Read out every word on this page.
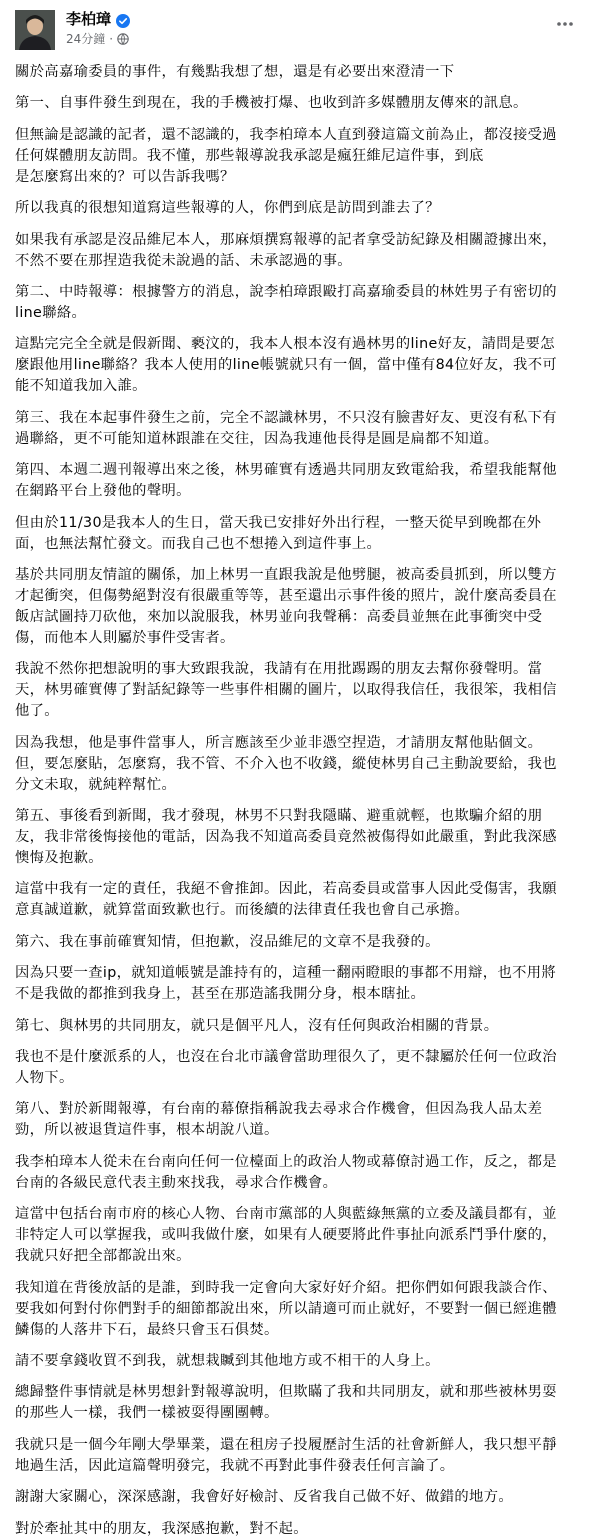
李柏璋
24分鐘 ·

關於高嘉瑜委員的事件，有幾點我想了想，還是有必要出來澄清一下

第一、自事件發生到現在，我的手機被打爆、也收到許多媒體朋友傳來的訊息。

但無論是認識的記者，還不認識的，我李柏璋本人直到發這篇文前為止，都沒接受過
任何媒體朋友訪問。我不懂，那些報導說我承認是瘋狂維尼這件事，到底
是怎麼寫出來的？可以告訴我嗎？

所以我真的很想知道寫這些報導的人，你們到底是訪問到誰去了？

如果我有承認是沒品維尼本人，那麻煩撰寫報導的記者拿受訪紀錄及相關證據出來，
不然不要在那捏造我從未說過的話、未承認過的事。

第二、中時報導：根據警方的消息，說李柏璋跟毆打高嘉瑜委員的林姓男子有密切的
line聯絡。

這點完完全全就是假新聞、褻汶的，我本人根本沒有過林男的line好友，請問是要怎
麼跟他用line聯絡？我本人使用的line帳號就只有一個，當中僅有84位好友，我不可
能不知道我加入誰。

第三、我在本起事件發生之前，完全不認識林男，不只沒有臉書好友、更沒有私下有
過聯絡，更不可能知道林跟誰在交往，因為我連他長得是圓是扁都不知道。

第四、本週二週刊報導出來之後，林男確實有透過共同朋友致電給我，希望我能幫他
在網路平台上發他的聲明。

但由於11/30是我本人的生日，當天我已安排好外出行程，一整天從早到晚都在外
面，也無法幫忙發文。而我自己也不想捲入到這件事上。

基於共同朋友情誼的關係，加上林男一直跟我說是他劈腿，被高委員抓到，所以雙方
才起衝突，但傷勢絕對沒有很嚴重等等，甚至還出示事件後的照片，說什麼高委員在
飯店試圖持刀砍他，來加以說服我，林男並向我聲稱：高委員並無在此事衝突中受
傷，而他本人則屬於事件受害者。

我說不然你把想說明的事大致跟我說，我請有在用批踢踢的朋友去幫你發聲明。當
天，林男確實傳了對話紀錄等一些事件相關的圖片，以取得我信任，我很笨，我相信
他了。

因為我想，他是事件當事人，所言應該至少並非憑空捏造，才請朋友幫他貼個文。
但，要怎麼貼，怎麼寫，我不管、不介入也不收錢，縱使林男自己主動說要給，我也
分文未取，就純粹幫忙。

第五、事後看到新聞，我才發現，林男不只對我隱瞞、避重就輕，也欺騙介紹的朋
友，我非常後悔接他的電話，因為我不知道高委員竟然被傷得如此嚴重，對此我深感
懊悔及抱歉。

這當中我有一定的責任，我絕不會推卸。因此，若高委員或當事人因此受傷害，我願
意真誠道歉，就算當面致歉也行。而後續的法律責任我也會自己承擔。

第六、我在事前確實知情，但抱歉，沒品維尼的文章不是我發的。

因為只要一查ip，就知道帳號是誰持有的，這種一翻兩瞪眼的事都不用辯，也不用將
不是我做的都推到我身上，甚至在那造謠我開分身，根本瞎扯。

第七、與林男的共同朋友，就只是個平凡人，沒有任何與政治相關的背景。

我也不是什麼派系的人，也沒在台北市議會當助理很久了，更不隸屬於任何一位政治
人物下。

第八、對於新聞報導，有台南的幕僚指稱說我去尋求合作機會，但因為我人品太差
勁，所以被退貨這件事，根本胡說八道。

我李柏璋本人從未在台南向任何一位檯面上的政治人物或幕僚討過工作，反之，都是
台南的各級民意代表主動來找我，尋求合作機會。

這當中包括台南市府的核心人物、台南市黨部的人與藍綠無黨的立委及議員都有，並
非特定人可以掌握我，或叫我做什麼，如果有人硬要將此件事扯向派系鬥爭什麼的，
我就只好把全部都說出來。

我知道在背後放話的是誰，到時我一定會向大家好好介紹。把你們如何跟我談合作、
要我如何對付你們對手的細節都說出來，所以請適可而止就好，不要對一個已經進體
鱗傷的人落井下石，最終只會玉石俱焚。

請不要拿錢收買不到我，就想栽贓到其他地方或不相干的人身上。

總歸整件事情就是林男想針對報導說明，但欺瞞了我和共同朋友，就和那些被林男耍
的那些人一樣，我們一樣被耍得團團轉。

我就只是一個今年剛大學畢業，還在租房子投履歷討生活的社會新鮮人，我只想平靜
地過生活，因此這篇聲明發完，我就不再對此事件發表任何言論了。

謝謝大家關心，深深感謝，我會好好檢討、反省我自己做不好、做錯的地方。

對於牽扯其中的朋友，我深感抱歉，對不起。
